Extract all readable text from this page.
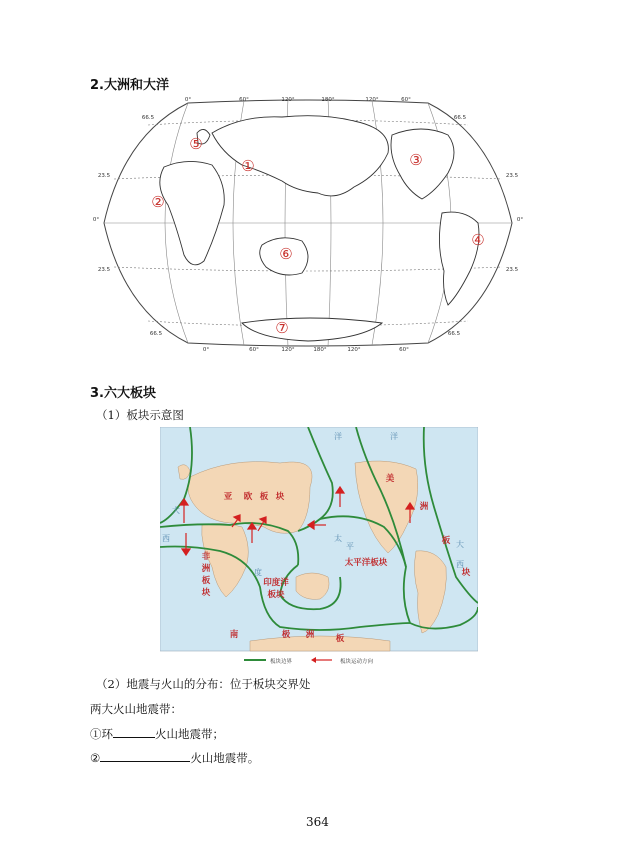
2.大洲和大洋
0°	60°	120°	180°	120°	60°
0°	60°	120°	180°	120°	60°
66.5
23.5
0°
23.5
66.5
66.5
23.5
0°
23.5
66.5
①
②
③
④
⑤
⑥
⑦
3.六大板块
（1）板块示意图
洋	洋
大
西
度
太
平	大
西
亚 欧 板 块
非
洲
板
块
印度洋
板块
太平洋板块
美
洲
板
块
南	极 洲	板
板块边界	板块运动方向
（2）地震与火山的分布：位于板块交界处
两大火山地震带：
①环	火山地震带；
②	火山地震带。
364
